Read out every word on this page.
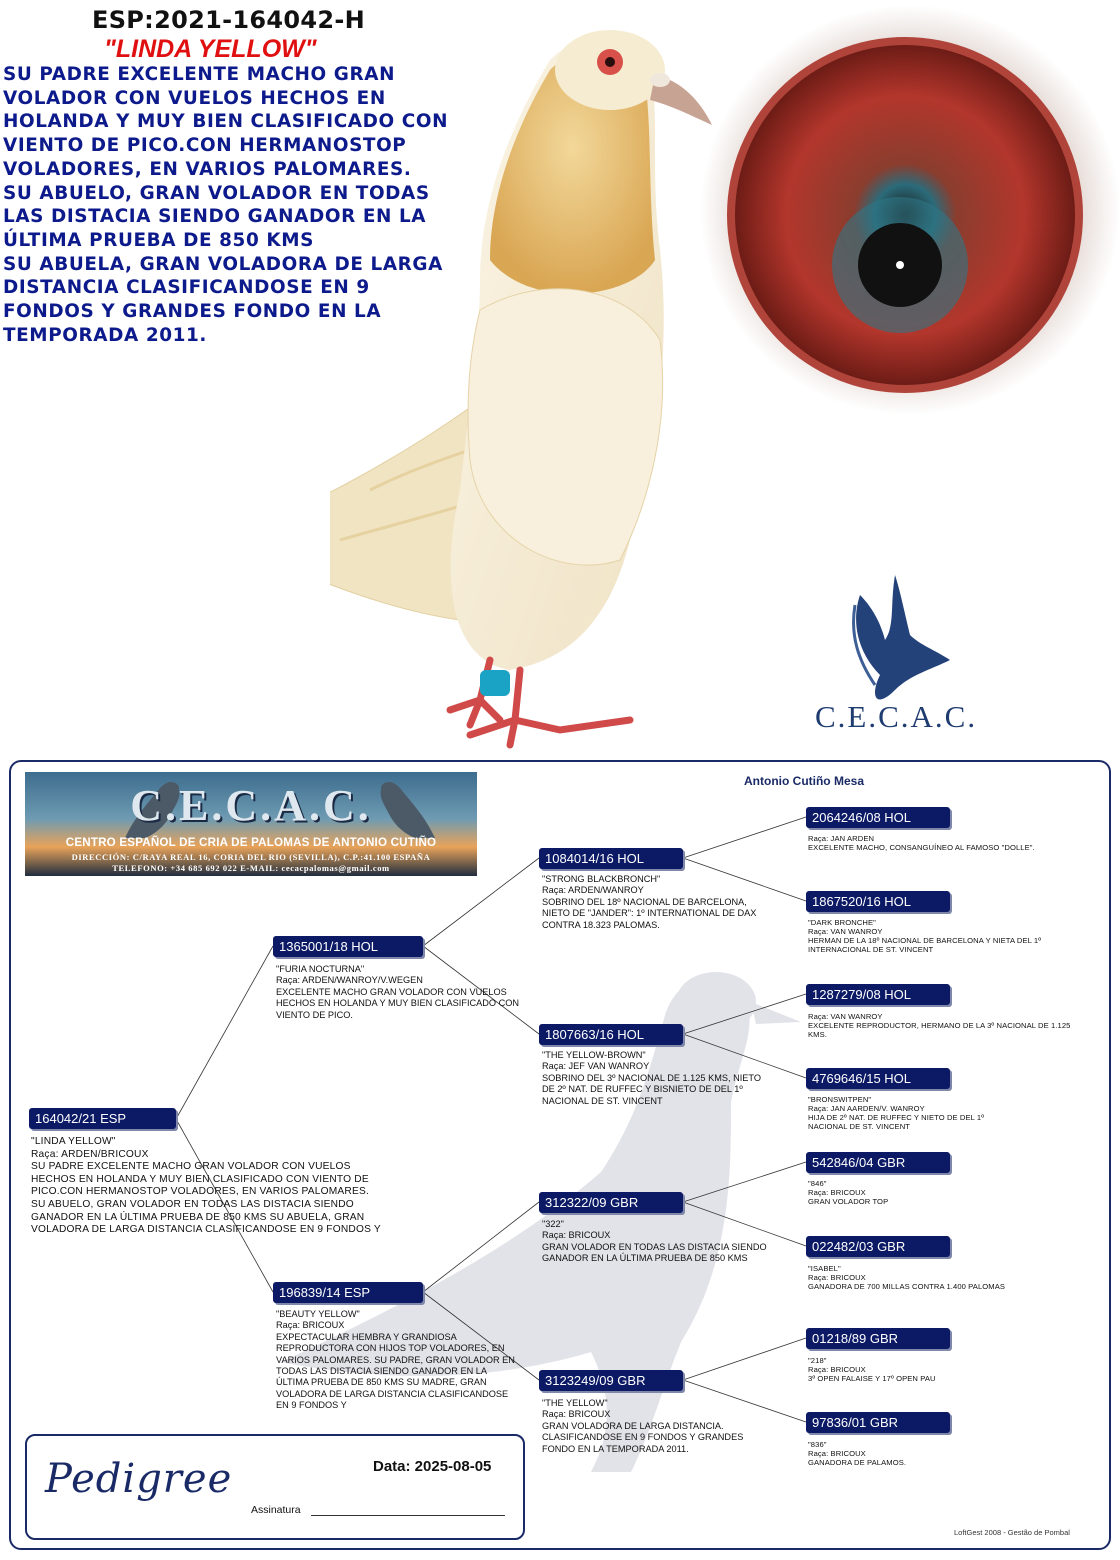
ESP:2021-164042-H
"LINDA YELLOW"
SU PADRE EXCELENTE MACHO GRAN
VOLADOR CON VUELOS HECHOS EN
HOLANDA Y MUY BIEN CLASIFICADO CON
VIENTO DE PICO.CON HERMANOSTOP
VOLADORES, EN VARIOS PALOMARES.
SU ABUELO, GRAN VOLADOR EN TODAS
LAS DISTACIA SIENDO GANADOR EN LA
ÚLTIMA PRUEBA DE 850 KMS
SU ABUELA, GRAN VOLADORA DE LARGA
DISTANCIA CLASIFICANDOSE EN 9
FONDOS Y GRANDES FONDO EN LA
TEMPORADA 2011.
C.E.C.A.C.
C.E.C.A.C.
CENTRO ESPAÑOL DE CRIA DE PALOMAS DE ANTONIO CUTIÑO
DIRECCIÓN: C/RAYA REAL 16, CORIA DEL RIO (SEVILLA), C.P.:41.100 ESPAÑA
TELEFONO: +34 685 692 022 E-MAIL: cecacpalomas@gmail.com
Antonio Cutiño Mesa
164042/21 ESP
"LINDA YELLOW"
Raça: ARDEN/BRICOUX
SU PADRE EXCELENTE MACHO GRAN VOLADOR CON VUELOS HECHOS EN HOLANDA Y MUY BIEN CLASIFICADO CON VIENTO DE PICO.CON HERMANOSTOP VOLADORES, EN VARIOS PALOMARES. SU ABUELO, GRAN VOLADOR EN TODAS LAS DISTACIA SIENDO GANADOR EN LA ÚLTIMA PRUEBA DE 850 KMS SU ABUELA, GRAN VOLADORA DE LARGA DISTANCIA CLASIFICANDOSE EN 9 FONDOS Y
1365001/18 HOL
"FURIA NOCTURNA"
Raça: ARDEN/WANROY/V.WEGEN
EXCELENTE MACHO GRAN VOLADOR CON VUELOS HECHOS EN HOLANDA Y MUY BIEN CLASIFICADO CON VIENTO DE PICO.
196839/14 ESP
"BEAUTY YELLOW"
Raça: BRICOUX
EXPECTACULAR HEMBRA Y GRANDIOSA REPRODUCTORA CON HIJOS TOP VOLADORES, EN VARIOS PALOMARES. SU PADRE, GRAN VOLADOR EN TODAS LAS DISTACIA SIENDO GANADOR EN LA ÚLTIMA PRUEBA DE 850 KMS SU MADRE, GRAN VOLADORA DE LARGA DISTANCIA CLASIFICANDOSE EN 9 FONDOS Y
1084014/16 HOL
"STRONG BLACKBRONCH"
Raça: ARDEN/WANROY
SOBRINO DEL 18º NACIONAL DE BARCELONA, NIETO DE "JANDER": 1º INTERNATIONAL DE DAX CONTRA 18.323 PALOMAS.
1807663/16 HOL
"THE YELLOW-BROWN"
Raça: JEF VAN WANROY
SOBRINO DEL 3º NACIONAL DE 1.125 KMS, NIETO DE 2º NAT. DE RUFFEC Y BISNIETO DE DEL 1º NACIONAL DE ST. VINCENT
312322/09 GBR
"322"
Raça: BRICOUX
GRAN VOLADOR EN TODAS LAS DISTACIA SIENDO GANADOR EN LA ÚLTIMA PRUEBA DE 850 KMS
3123249/09 GBR
"THE YELLOW"
Raça: BRICOUX
GRAN VOLADORA DE LARGA DISTANCIA. CLASIFICANDOSE EN 9 FONDOS Y GRANDES FONDO EN LA TEMPORADA 2011.
2064246/08 HOL
Raça: JAN ARDEN
EXCELENTE MACHO, CONSANGUÍNEO AL FAMOSO "DOLLE".
1867520/16 HOL
"DARK BRONCHE"
Raça: VAN WANROY
HERMAN DE LA 18º NACIONAL DE BARCELONA Y NIETA DEL 1º INTERNACIONAL DE ST. VINCENT
1287279/08 HOL
Raça: VAN WANROY
EXCELENTE REPRODUCTOR, HERMANO DE LA 3º NACIONAL DE 1.125 KMS.
4769646/15 HOL
"BRONSWITPEN"
Raça: JAN AARDEN/V. WANROY
HIJA DE 2º NAT. DE RUFFEC Y NIETO DE DEL 1º NACIONAL DE ST. VINCENT
542846/04 GBR
"846"
Raça: BRICOUX
GRAN VOLADOR TOP
022482/03 GBR
"ISABEL"
Raça: BRICOUX
GANADORA DE 700 MILLAS CONTRA 1.400 PALOMAS
01218/89 GBR
"218"
Raça: BRICOUX
3º OPEN FALAISE Y 17º OPEN PAU
97836/01 GBR
"836"
Raça: BRICOUX
GANADORA DE PALAMOS.
Pedigree	Data: 2025-08-05
Assinatura
LoftGest 2008 - Gestão de Pombal
